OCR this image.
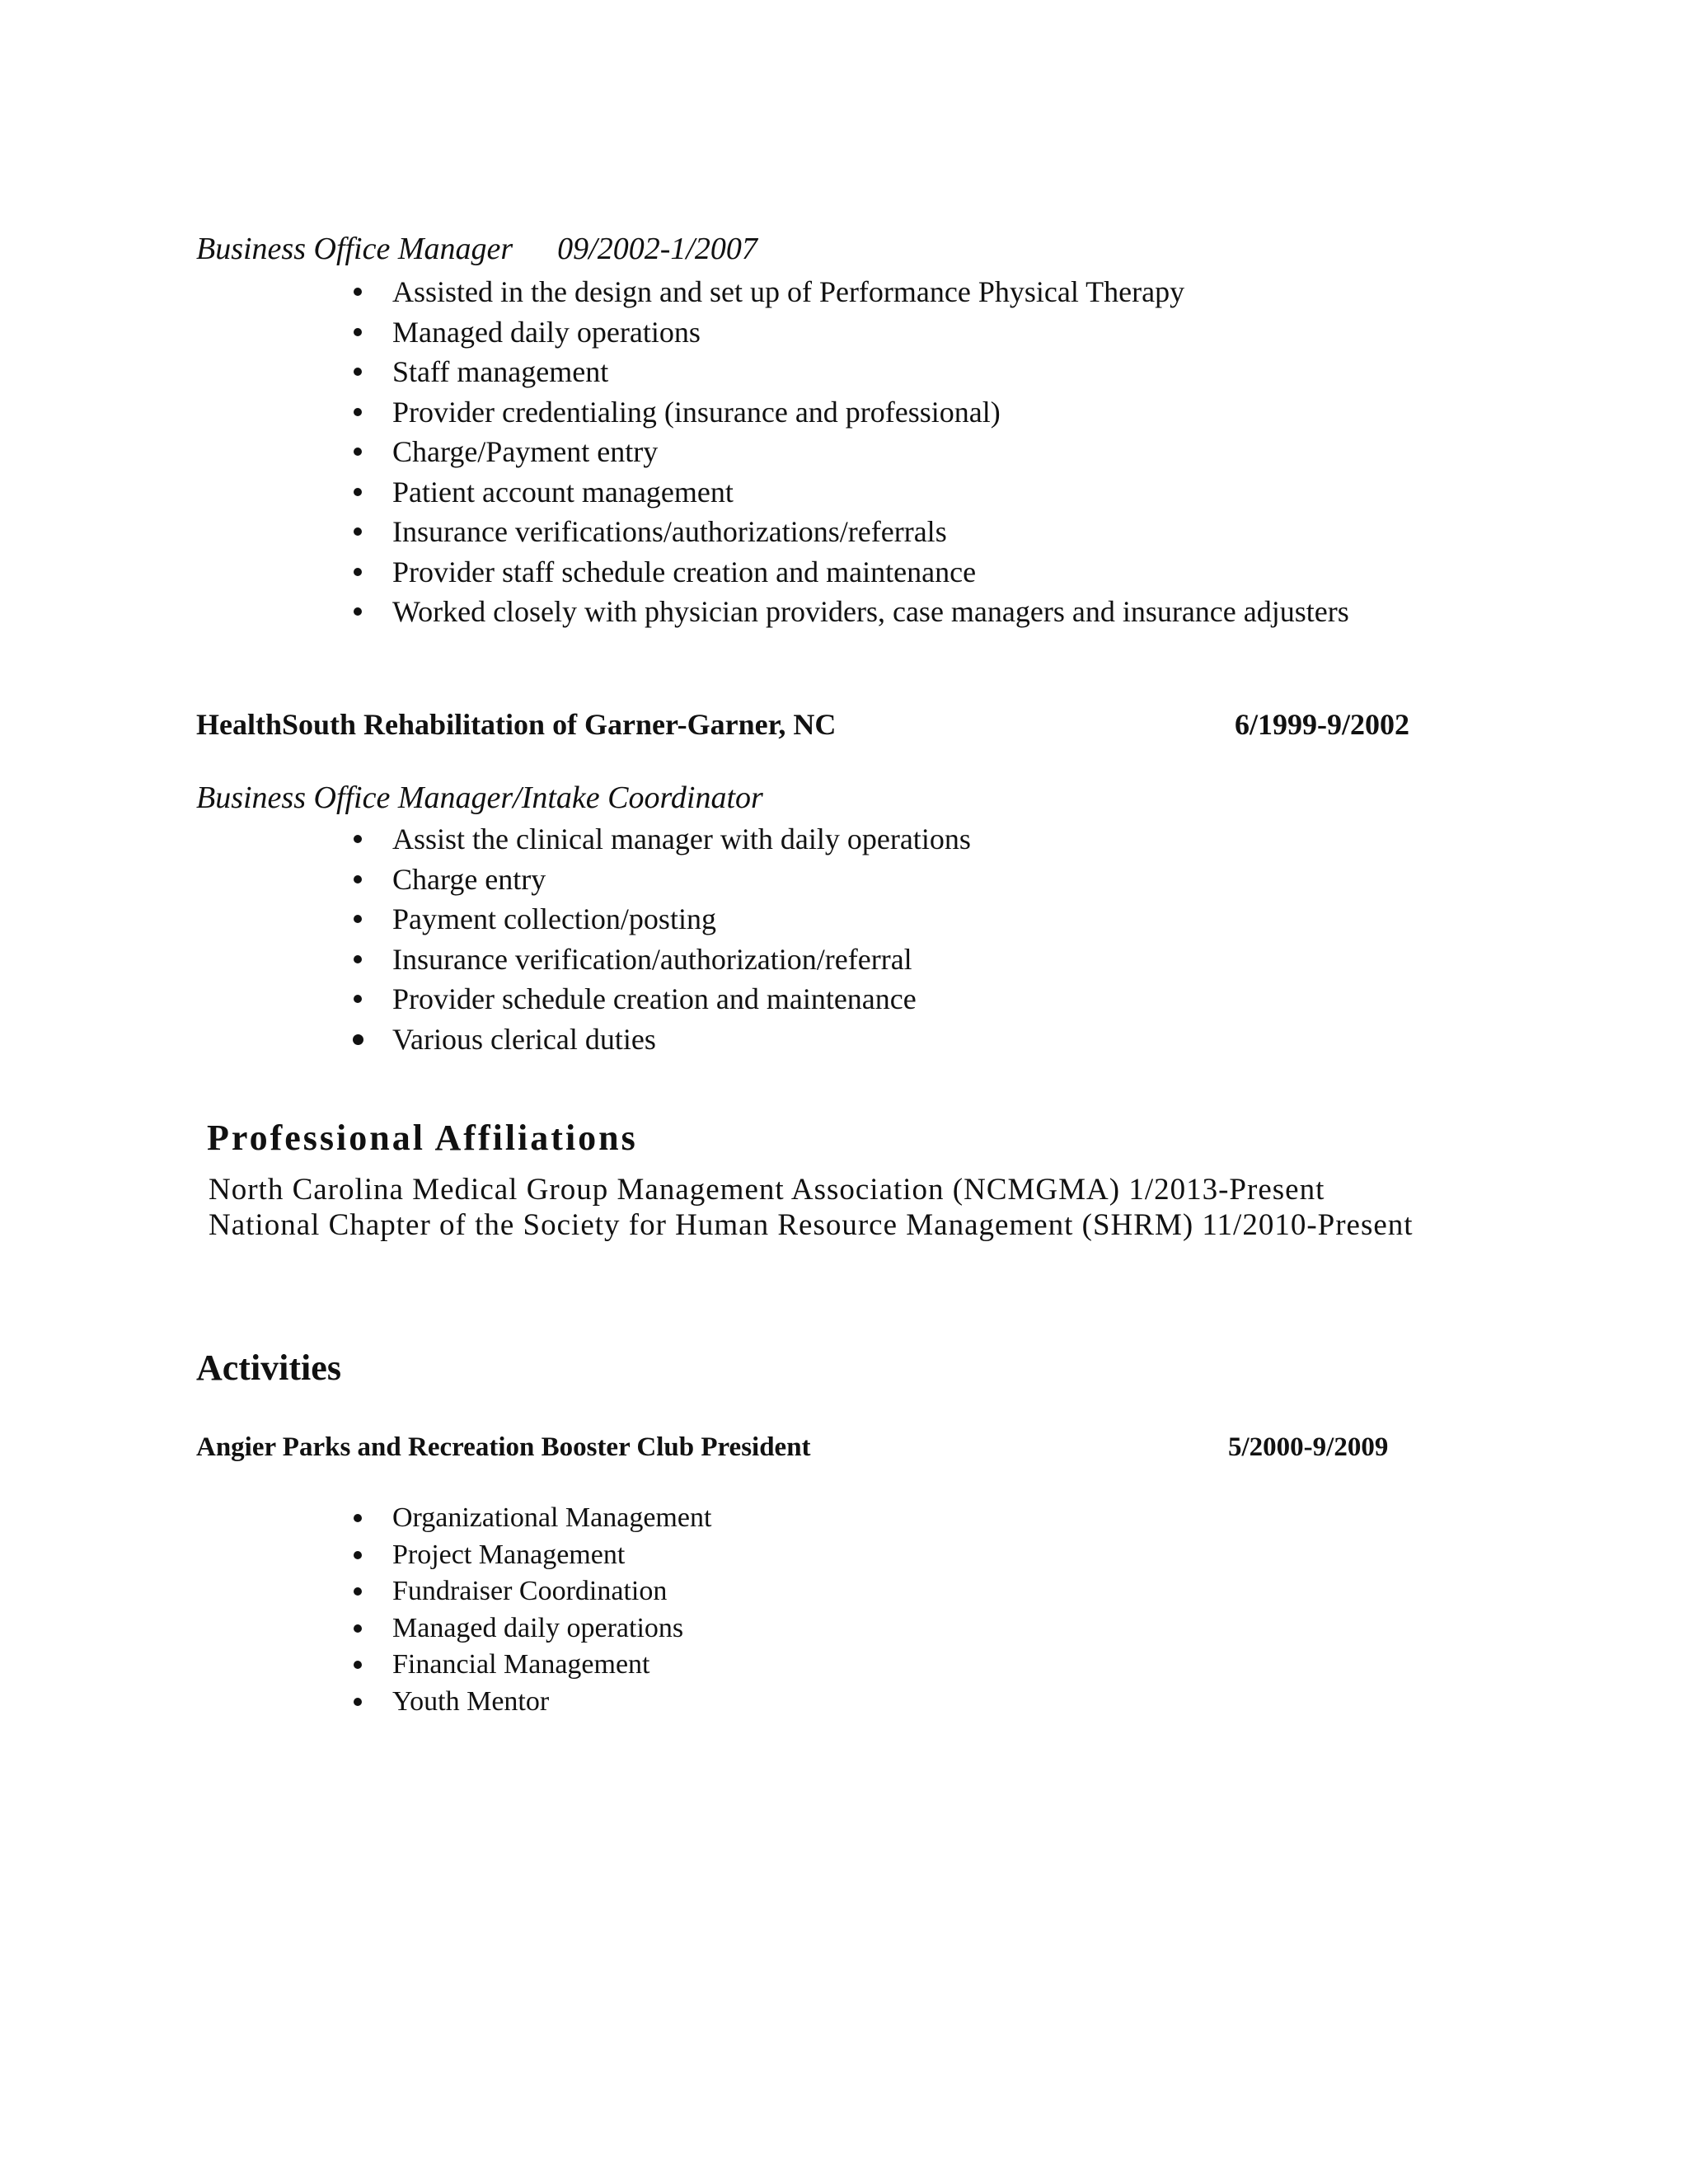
Business Office Manager 09/2002-1/2007
Assisted in the design and set up of Performance Physical Therapy
Managed daily operations
Staff management
Provider credentialing (insurance and professional)
Charge/Payment entry
Patient account management
Insurance verifications/authorizations/referrals
Provider staff schedule creation and maintenance
Worked closely with physician providers, case managers and insurance adjusters
HealthSouth Rehabilitation of Garner-Garner, NC	6/1999-9/2002
Business Office Manager/Intake Coordinator
Assist the clinical manager with daily operations
Charge entry
Payment collection/posting
Insurance verification/authorization/referral
Provider schedule creation and maintenance
Various clerical duties
Professional Affiliations
North Carolina Medical Group Management Association (NCMGMA) 1/2013-Present
National Chapter of the Society for Human Resource Management (SHRM) 11/2010-Present
Activities
Angier Parks and Recreation Booster Club President	5/2000-9/2009
Organizational Management
Project Management
Fundraiser Coordination
Managed daily operations
Financial Management
Youth Mentor
